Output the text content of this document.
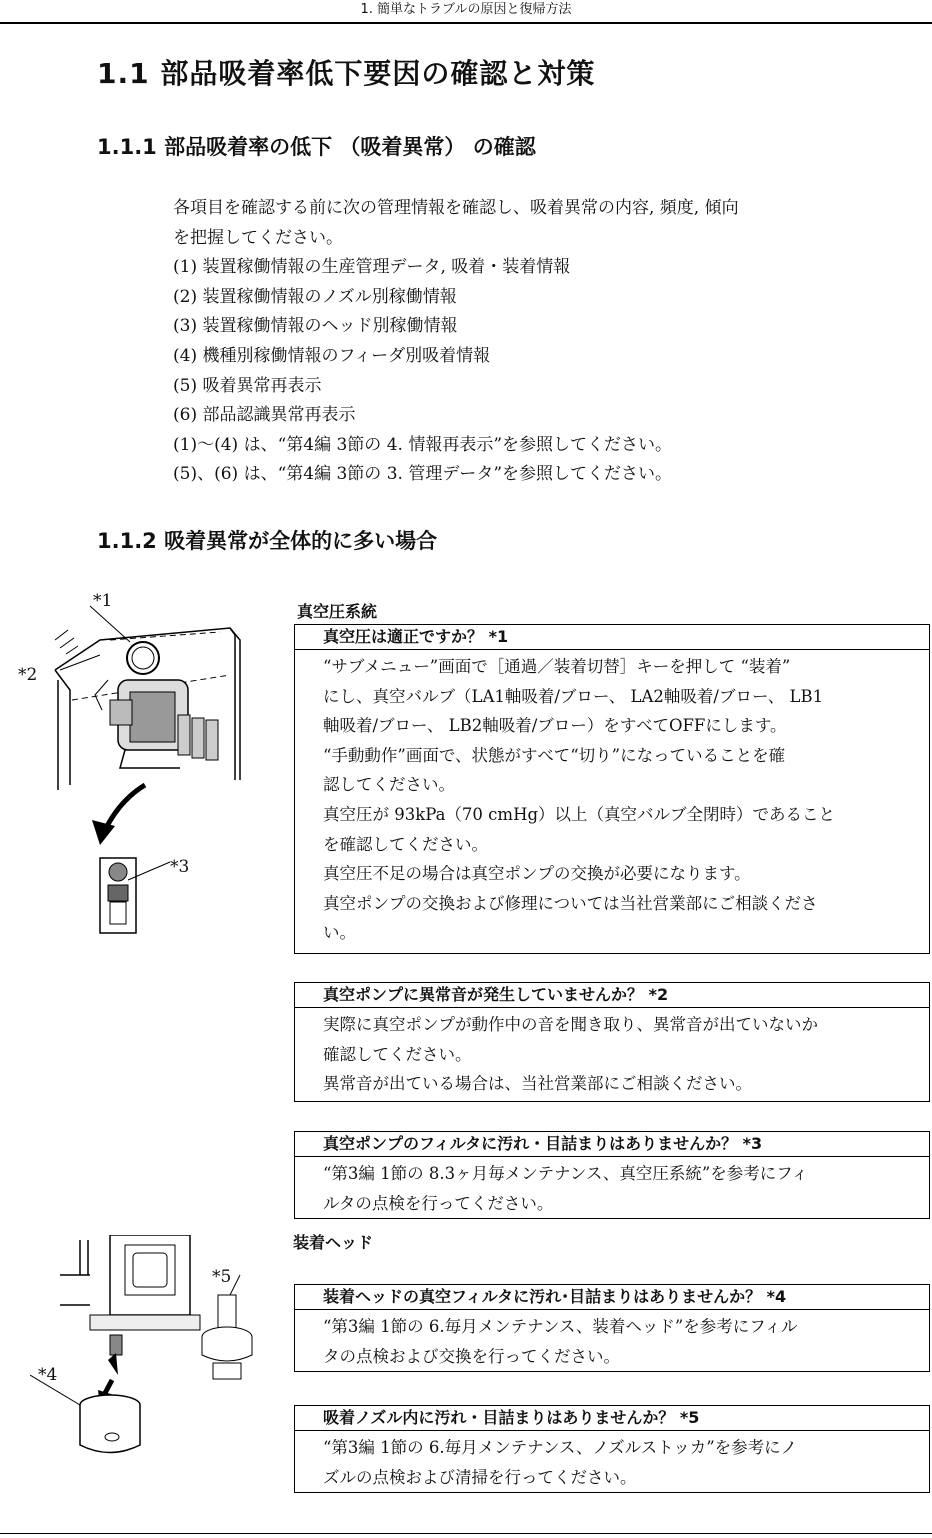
1. 簡単なトラブルの原因と復帰方法
1.1 部品吸着率低下要因の確認と対策
1.1.1 部品吸着率の低下 （吸着異常） の確認
各項目を確認する前に次の管理情報を確認し、吸着異常の内容, 頻度, 傾向
を把握してください。
(1) 装置稼働情報の生産管理データ, 吸着・装着情報
(2) 装置稼働情報のノズル別稼働情報
(3) 装置稼働情報のヘッド別稼働情報
(4) 機種別稼働情報のフィーダ別吸着情報
(5) 吸着異常再表示
(6) 部品認識異常再表示
(1)～(4) は、“第4編 3節の 4. 情報再表示”を参照してください。
(5)、(6) は、“第4編 3節の 3. 管理データ”を参照してください。
1.1.2 吸着異常が全体的に多い場合
*1
*2
*3
真空圧系統
真空圧は適正ですか？ *1
“サブメニュー”画面で［通過／装着切替］キーを押して “装着”
にし、真空バルブ（LA1軸吸着/ブロー、 LA2軸吸着/ブロー、 LB1
軸吸着/ブロー、 LB2軸吸着/ブロー）をすべてOFFにします。
“手動動作”画面で、状態がすべて“切り”になっていることを確
認してください。
真空圧が 93kPa（70 cmHg）以上（真空バルブ全閉時）であること
を確認してください。
真空圧不足の場合は真空ポンプの交換が必要になります。
真空ポンプの交換および修理については当社営業部にご相談くださ
い。
真空ポンプに異常音が発生していませんか？ *2
実際に真空ポンプが動作中の音を聞き取り、異常音が出ていないか
確認してください。
異常音が出ている場合は、当社営業部にご相談ください。
真空ポンプのフィルタに汚れ・目詰まりはありませんか？ *3
“第3編 1節の 8.3ヶ月毎メンテナンス、真空圧系統”を参考にフィ
ルタの点検を行ってください。
装着ヘッド
*5
*4
装着ヘッドの真空フィルタに汚れ･目詰まりはありませんか？ *4
“第3編 1節の 6.毎月メンテナンス、装着ヘッド”を参考にフィル
タの点検および交換を行ってください。
吸着ノズル内に汚れ・目詰まりはありませんか？ *5
“第3編 1節の 6.毎月メンテナンス、ノズルストッカ”を参考にノ
ズルの点検および清掃を行ってください。
